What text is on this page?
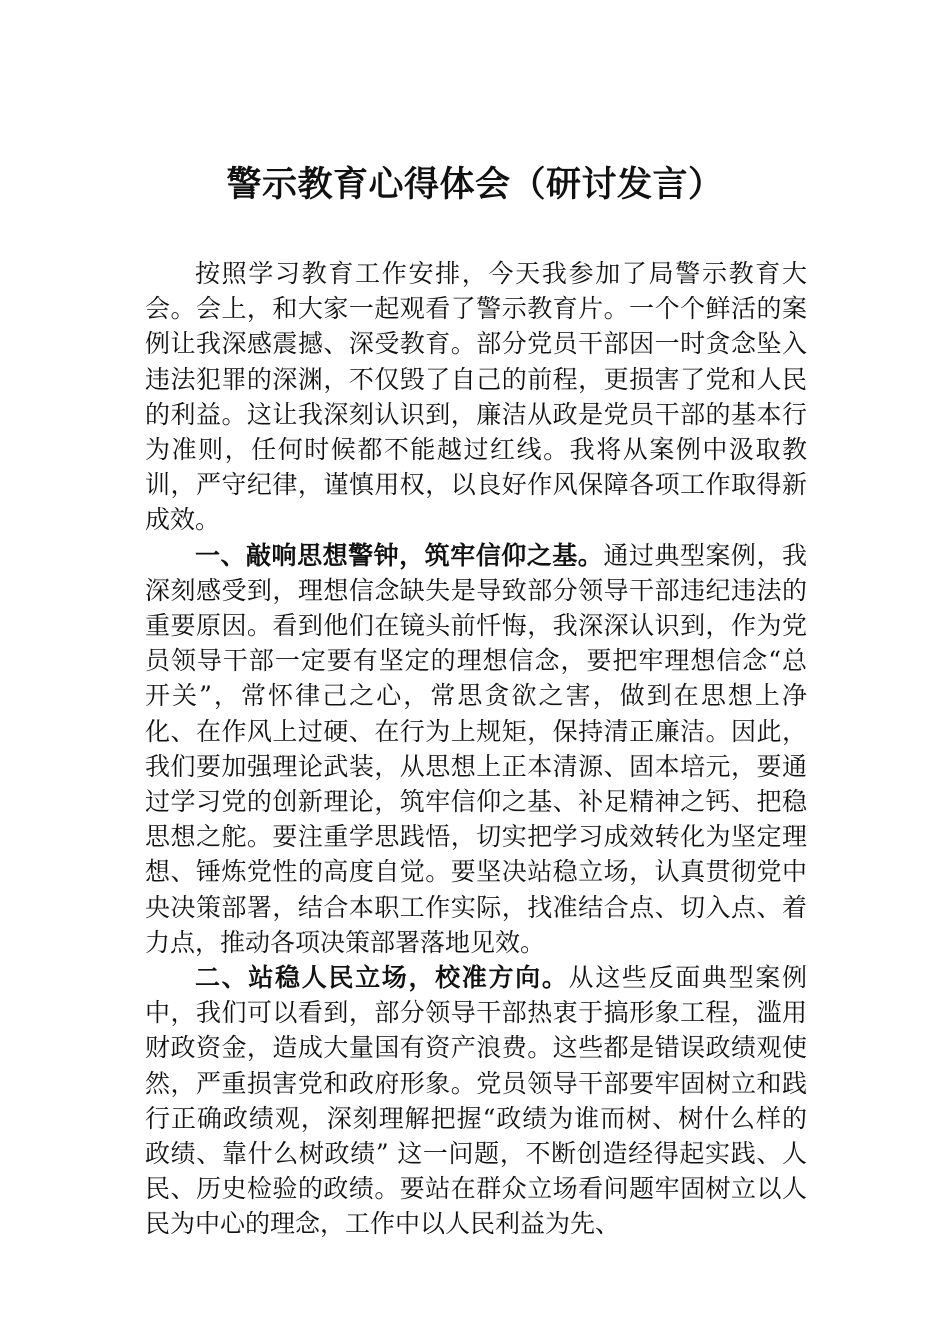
警示教育心得体会（研讨发言）

按照学习教育工作安排，今天我参加了局警示教育大会。会上，和大家一起观看了警示教育片。一个个鲜活的案例让我深感震撼、深受教育。部分党员干部因一时贪念坠入违法犯罪的深渊，不仅毁了自己的前程，更损害了党和人民的利益。这让我深刻认识到，廉洁从政是党员干部的基本行为准则，任何时候都不能越过红线。我将从案例中汲取教训，严守纪律，谨慎用权，以良好作风保障各项工作取得新成效。

一、敲响思想警钟，筑牢信仰之基。通过典型案例，我深刻感受到，理想信念缺失是导致部分领导干部违纪违法的重要原因。看到他们在镜头前忏悔，我深深认识到，作为党员领导干部一定要有坚定的理想信念，要把牢理想信念“总开关”，常怀律己之心，常思贪欲之害，做到在思想上净化、在作风上过硬、在行为上规矩，保持清正廉洁。因此，我们要加强理论武装，从思想上正本清源、固本培元，要通过学习党的创新理论，筑牢信仰之基、补足精神之钙、把稳思想之舵。要注重学思践悟，切实把学习成效转化为坚定理想、锤炼党性的高度自觉。要坚决站稳立场，认真贯彻党中央决策部署，结合本职工作实际，找准结合点、切入点、着力点，推动各项决策部署落地见效。

二、站稳人民立场，校准方向。从这些反面典型案例中，我们可以看到，部分领导干部热衷于搞形象工程，滥用财政资金，造成大量国有资产浪费。这些都是错误政绩观使然，严重损害党和政府形象。党员领导干部要牢固树立和践行正确政绩观，深刻理解把握“政绩为谁而树、树什么样的政绩、靠什么树政绩” 这一问题，不断创造经得起实践、人民、历史检验的政绩。要站在群众立场看问题牢固树立以人民为中心的理念，工作中以人民利益为先、
